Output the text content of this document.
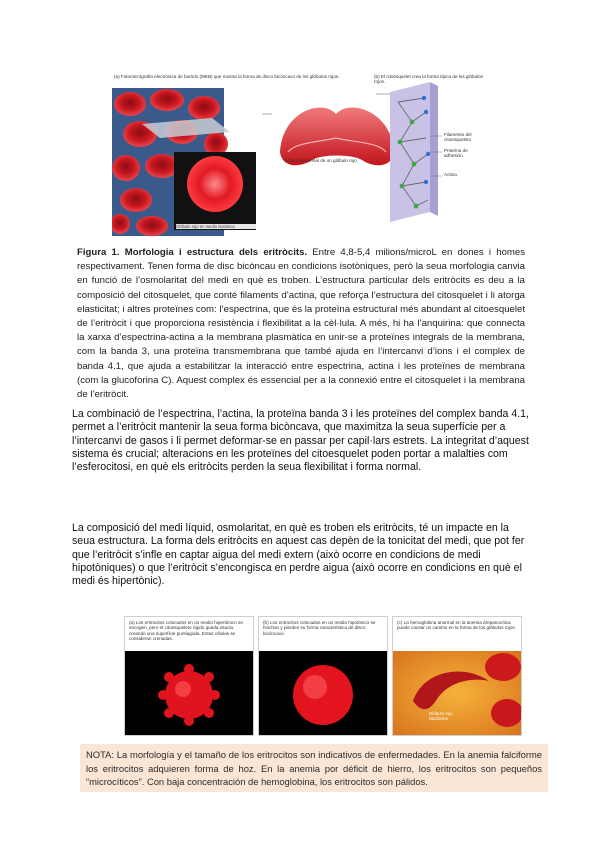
(a) Fotomicrografia electrònica de barrido (MEB) que mostra la forma de disco bicòncavo de los glòbulos rojos.	(b) El citoesquelet crea la forma típica de los glòbulos rojos.
Corte transversal de un glóbulo rojo
Glóbulo rojo en medio isotónico
Filamento del citoesqueleto
Proteína de adhesión
Actina
Figura 1. Morfologia i estructura dels eritròcits. Entre 4,8-5,4 milions/microL en dones i homes respectivament. Tenen forma de disc bicòncau en condicions isotòniques, però la seua morfologia canvia en funció de l’osmolaritat del medi en què es troben. L’estructura particular dels eritròcits es deu a la composició del citosquelet, que conté filaments d’actina, que reforça l’estructura del citosquelet i li atorga elasticitat; i altres proteïnes com: l’espectrina, que és la proteïna estructural més abundant al citoesquelet de l’eritròcit i que proporciona resistència i flexibilitat a la cèl·lula. A més, hi ha l’anquirina: que connecta la xarxa d’espectrina-actina a la membrana plasmàtica en unir-se a proteïnes integrals de la membrana, com la banda 3, una proteïna transmembrana que també ajuda en l’intercanvi d’ions i el complex de banda 4.1, que ajuda a estabilitzar la interacció entre espectrina, actina i les proteïnes de membrana (com la glucoforina C). Aquest complex és essencial per a la connexió entre el citosquelet i la membrana de l’eritròcit.
La combinació de l’espectrina, l’actina, la proteïna banda 3 i les proteïnes del complex banda 4.1, permet a l’eritròcit mantenir la seua forma bicòncava, que maximitza la seua superfície per a l’intercanvi de gasos i li permet deformar-se en passar per capil·lars estrets. La integritat d’aquest sistema és crucial; alteracions en les proteïnes del citoesquelet poden portar a malalties com l’esferocitosi, en què els eritròcits perden la seua flexibilitat i forma normal.
La composició del medi líquid, osmolaritat, en què es troben els eritròcits, té un impacte en la seua estructura. La forma dels eritròcits en aquest cas depèn de la tonicitat del medi, que pot fer que l’eritròcit s’infle en captar aigua del medi extern (això ocorre en condicions de medi hipotòniques) o que l’eritròcit s’encongisca en perdre aigua (això ocorre en condicions en què el medi és hipertònic).
(a) Los eritrocitos colocados en un medio hipertónico se encogen, pero el citoesqueleto rígido queda intacto, creando una superficie puntiaguda. Estas células se consideran crenadas.
(b) Los eritrocitos colocados en un medio hipotónico se hinchan y pierden su forma característica de disco bicóncavo.
(c) La hemoglobina anormal en la anemia drepanocítica puede causar un cambio en la forma de los glóbulos rojos.
Glóbulo rojo falciforme

NOTA: La morfología y el tamaño de los eritrocitos son indicativos de enfermedades. En la anemia falciforme los eritrocitos adquieren forma de hoz. En la anemia por déficit de hierro, los eritrocitos son pequeños “microcíticos”. Con baja concentración de hemoglobina, los eritrocitos son pálidos.
